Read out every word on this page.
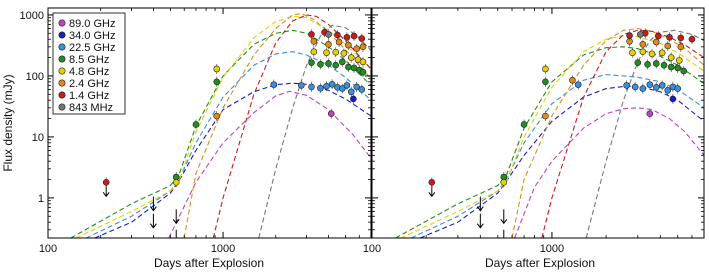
100	1000
1
10
100
1000
Flux density (mJy)
Days after Explosion
89.0 GHz
34.0 GHz
22.5 GHz
8.5 GHz
4.8 GHz
2.4 GHz
1.4 GHz
843 MHz
100	1000
Days after Explosion
